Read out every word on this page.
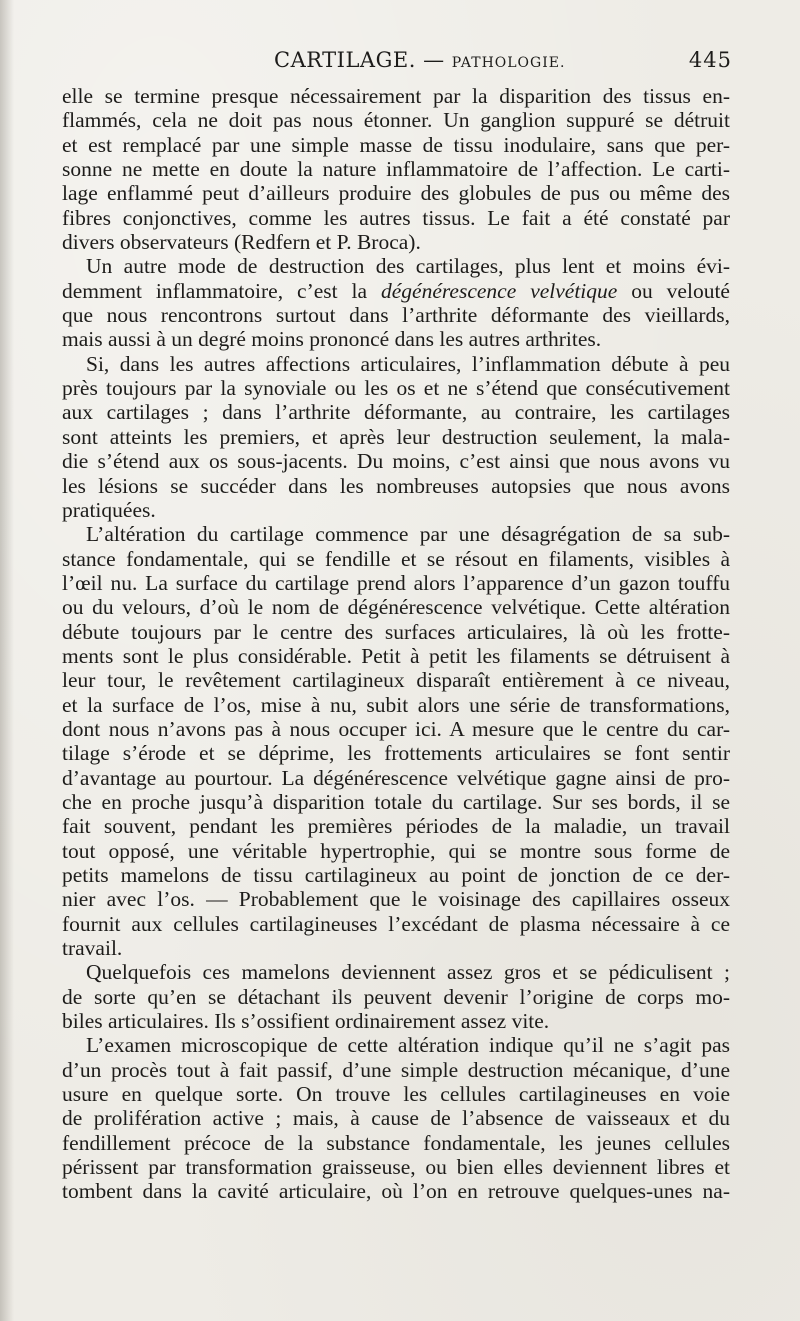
CARTILAGE. — PATHOLOGIE.	445
elle se termine presque nécessairement par la disparition des tissus en-
flammés, cela ne doit pas nous étonner. Un ganglion suppuré se détruit
et est remplacé par une simple masse de tissu inodulaire, sans que per-
sonne ne mette en doute la nature inflammatoire de l’affection. Le carti-
lage enflammé peut d’ailleurs produire des globules de pus ou même des
fibres conjonctives, comme les autres tissus. Le fait a été constaté par
divers observateurs (Redfern et P. Broca).
Un autre mode de destruction des cartilages, plus lent et moins évi-
demment inflammatoire, c’est la dégénérescence velvétique ou velouté
que nous rencontrons surtout dans l’arthrite déformante des vieillards,
mais aussi à un degré moins prononcé dans les autres arthrites.
Si, dans les autres affections articulaires, l’inflammation débute à peu
près toujours par la synoviale ou les os et ne s’étend que consécutivement
aux cartilages ; dans l’arthrite déformante, au contraire, les cartilages
sont atteints les premiers, et après leur destruction seulement, la mala-
die s’étend aux os sous-jacents. Du moins, c’est ainsi que nous avons vu
les lésions se succéder dans les nombreuses autopsies que nous avons
pratiquées.
L’altération du cartilage commence par une désagrégation de sa sub-
stance fondamentale, qui se fendille et se résout en filaments, visibles à
l’œil nu. La surface du cartilage prend alors l’apparence d’un gazon touffu
ou du velours, d’où le nom de dégénérescence velvétique. Cette altération
débute toujours par le centre des surfaces articulaires, là où les frotte-
ments sont le plus considérable. Petit à petit les filaments se détruisent à
leur tour, le revêtement cartilagineux disparaît entièrement à ce niveau,
et la surface de l’os, mise à nu, subit alors une série de transformations,
dont nous n’avons pas à nous occuper ici. A mesure que le centre du car-
tilage s’érode et se déprime, les frottements articulaires se font sentir
d’avantage au pourtour. La dégénérescence velvétique gagne ainsi de pro-
che en proche jusqu’à disparition totale du cartilage. Sur ses bords, il se
fait souvent, pendant les premières périodes de la maladie, un travail
tout opposé, une véritable hypertrophie, qui se montre sous forme de
petits mamelons de tissu cartilagineux au point de jonction de ce der-
nier avec l’os. — Probablement que le voisinage des capillaires osseux
fournit aux cellules cartilagineuses l’excédant de plasma nécessaire à ce
travail.
Quelquefois ces mamelons deviennent assez gros et se pédiculisent ;
de sorte qu’en se détachant ils peuvent devenir l’origine de corps mo-
biles articulaires. Ils s’ossifient ordinairement assez vite.
L’examen microscopique de cette altération indique qu’il ne s’agit pas
d’un procès tout à fait passif, d’une simple destruction mécanique, d’une
usure en quelque sorte. On trouve les cellules cartilagineuses en voie
de prolifération active ; mais, à cause de l’absence de vaisseaux et du
fendillement précoce de la substance fondamentale, les jeunes cellules
périssent par transformation graisseuse, ou bien elles deviennent libres et
tombent dans la cavité articulaire, où l’on en retrouve quelques-unes na-
